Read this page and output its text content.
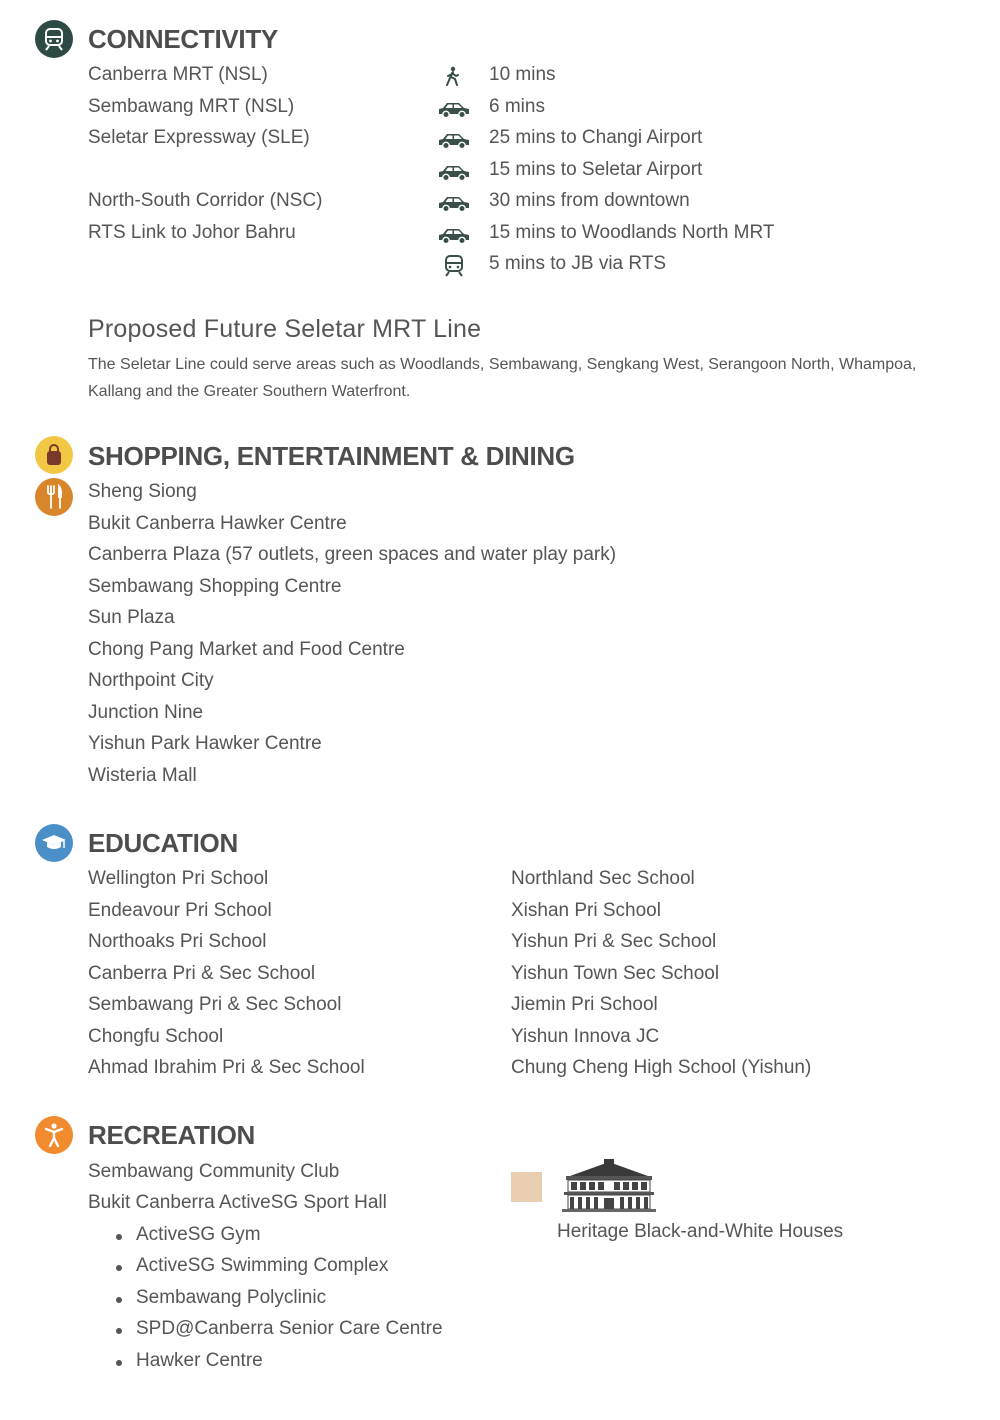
CONNECTIVITY
Canberra MRT (NSL)
Sembawang MRT (NSL)
Seletar Expressway (SLE)
North-South Corridor (NSC)
RTS Link to Johor Bahru
10 mins
6 mins
25 mins to Changi Airport
15 mins to Seletar Airport
30 mins from downtown
15 mins to Woodlands North MRT
5 mins to JB via RTS
Proposed Future Seletar MRT Line
The Seletar Line could serve areas such as Woodlands, Sembawang, Sengkang West, Serangoon North, Whampoa, Kallang and the Greater Southern Waterfront.
SHOPPING, ENTERTAINMENT & DINING
Sheng Siong
Bukit Canberra Hawker Centre
Canberra Plaza (57 outlets, green spaces and water play park)
Sembawang Shopping Centre
Sun Plaza
Chong Pang Market and Food Centre
Northpoint City
Junction Nine
Yishun Park Hawker Centre
Wisteria Mall
EDUCATION
Wellington Pri School
Endeavour Pri School
Northoaks Pri School
Canberra Pri & Sec School
Sembawang Pri & Sec School
Chongfu School
Ahmad Ibrahim Pri & Sec School
Northland Sec School
Xishan Pri School
Yishun Pri & Sec School
Yishun Town Sec School
Jiemin Pri School
Yishun Innova JC
Chung Cheng High School (Yishun)
RECREATION
Sembawang Community Club
Bukit Canberra ActiveSG Sport Hall
ActiveSG Gym
ActiveSG Swimming Complex
Sembawang Polyclinic
SPD@Canberra Senior Care Centre
Hawker Centre
Heritage Black-and-White Houses
